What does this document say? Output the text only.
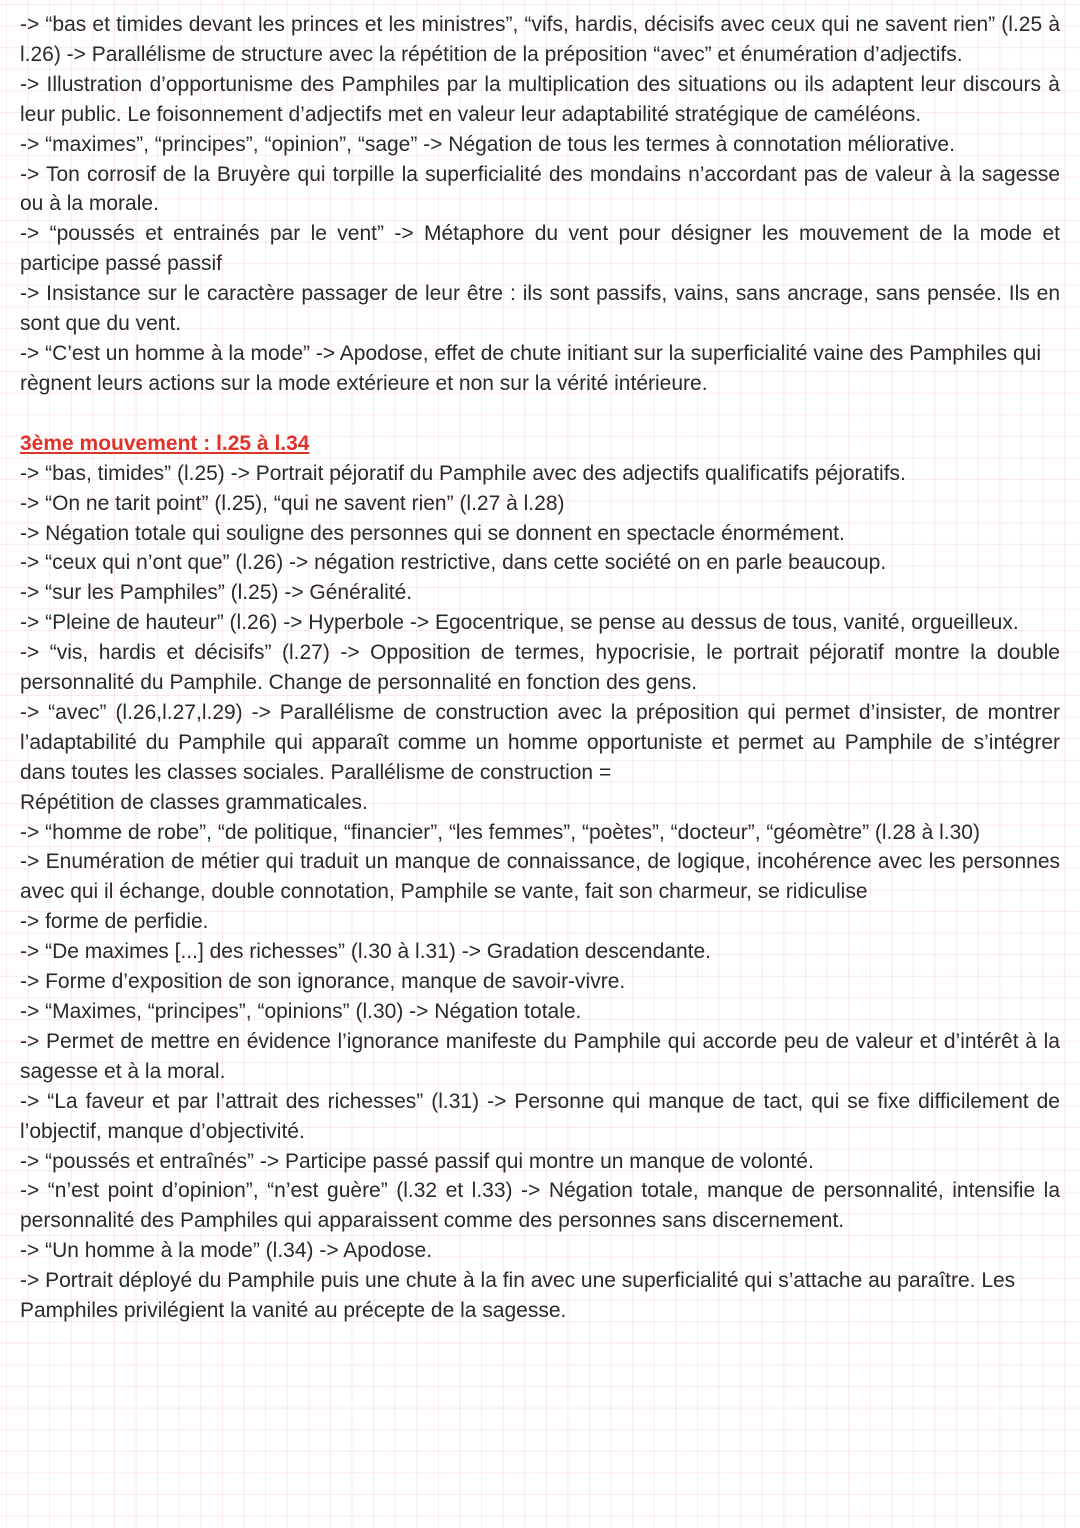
-> “bas et timides devant les princes et les ministres”, “vifs, hardis, décisifs avec ceux qui ne savent rien” (l.25 à l.26) -> Parallélisme de structure avec la répétition de la préposition “avec” et énumération d’adjectifs.

-> Illustration d’opportunisme des Pamphiles par la multiplication des situations ou ils adaptent leur discours à leur public. Le foisonnement d’adjectifs met en valeur leur adaptabilité stratégique de caméléons.

-> “maximes”, “principes”, “opinion”, “sage” -> Négation de tous les termes à connotation méliorative.

-> Ton corrosif de la Bruyère qui torpille la superficialité des mondains n’accordant pas de valeur à la sagesse ou à la morale.

-> “poussés et entrainés par le vent” -> Métaphore du vent pour désigner les mouvement de la mode et participe passé passif

-> Insistance sur le caractère passager de leur être : ils sont passifs, vains, sans ancrage, sans pensée. Ils en sont que du vent.

-> “C’est un homme à la mode” -> Apodose, effet de chute initiant sur la superficialité vaine des Pamphiles qui règnent leurs actions sur la mode extérieure et non sur la vérité intérieure.

3ème mouvement : l.25 à l.34

-> “bas, timides” (l.25) -> Portrait péjoratif du Pamphile avec des adjectifs qualificatifs péjoratifs.

-> “On ne tarit point” (l.25), “qui ne savent rien” (l.27 à l.28)

-> Négation totale qui souligne des personnes qui se donnent en spectacle énormément.

-> “ceux qui n’ont que” (l.26) -> négation restrictive, dans cette société on en parle beaucoup.

-> “sur les Pamphiles” (l.25) -> Généralité.

-> “Pleine de hauteur” (l.26) -> Hyperbole -> Egocentrique, se pense au dessus de tous, vanité, orgueilleux.

-> “vis, hardis et décisifs” (l.27) -> Opposition de termes, hypocrisie, le portrait péjoratif montre la double personnalité du Pamphile. Change de personnalité en fonction des gens.

-> “avec” (l.26,l.27,l.29) -> Parallélisme de construction avec la préposition qui permet d’insister, de montrer l’adaptabilité du Pamphile qui apparaît comme un homme opportuniste et permet au Pamphile de s’intégrer dans toutes les classes sociales. Parallélisme de construction =

Répétition de classes grammaticales.

-> “homme de robe”, “de politique, “financier”, “les femmes”, “poètes”, “docteur”, “géomètre” (l.28 à l.30)

-> Enumération de métier qui traduit un manque de connaissance, de logique, incohérence avec les personnes avec qui il échange, double connotation, Pamphile se vante, fait son charmeur, se ridiculise

-> forme de perfidie.

-> “De maximes [...] des richesses” (l.30 à l.31) -> Gradation descendante.

-> Forme d’exposition de son ignorance, manque de savoir-vivre.

-> “Maximes, “principes”, “opinions” (l.30) -> Négation totale.

-> Permet de mettre en évidence l’ignorance manifeste du Pamphile qui accorde peu de valeur et d’intérêt à la sagesse et à la moral.

-> “La faveur et par l’attrait des richesses” (l.31) -> Personne qui manque de tact, qui se fixe difficilement de l’objectif, manque d’objectivité.

-> “poussés et entraînés” -> Participe passé passif qui montre un manque de volonté.

-> “n’est point d’opinion”, “n’est guère” (l.32 et l.33) -> Négation totale, manque de personnalité, intensifie la personnalité des Pamphiles qui apparaissent comme des personnes sans discernement.

-> “Un homme à la mode” (l.34) -> Apodose.

-> Portrait déployé du Pamphile puis une chute à la fin avec une superficialité qui s’attache au paraître. Les Pamphiles privilégient la vanité au précepte de la sagesse.
